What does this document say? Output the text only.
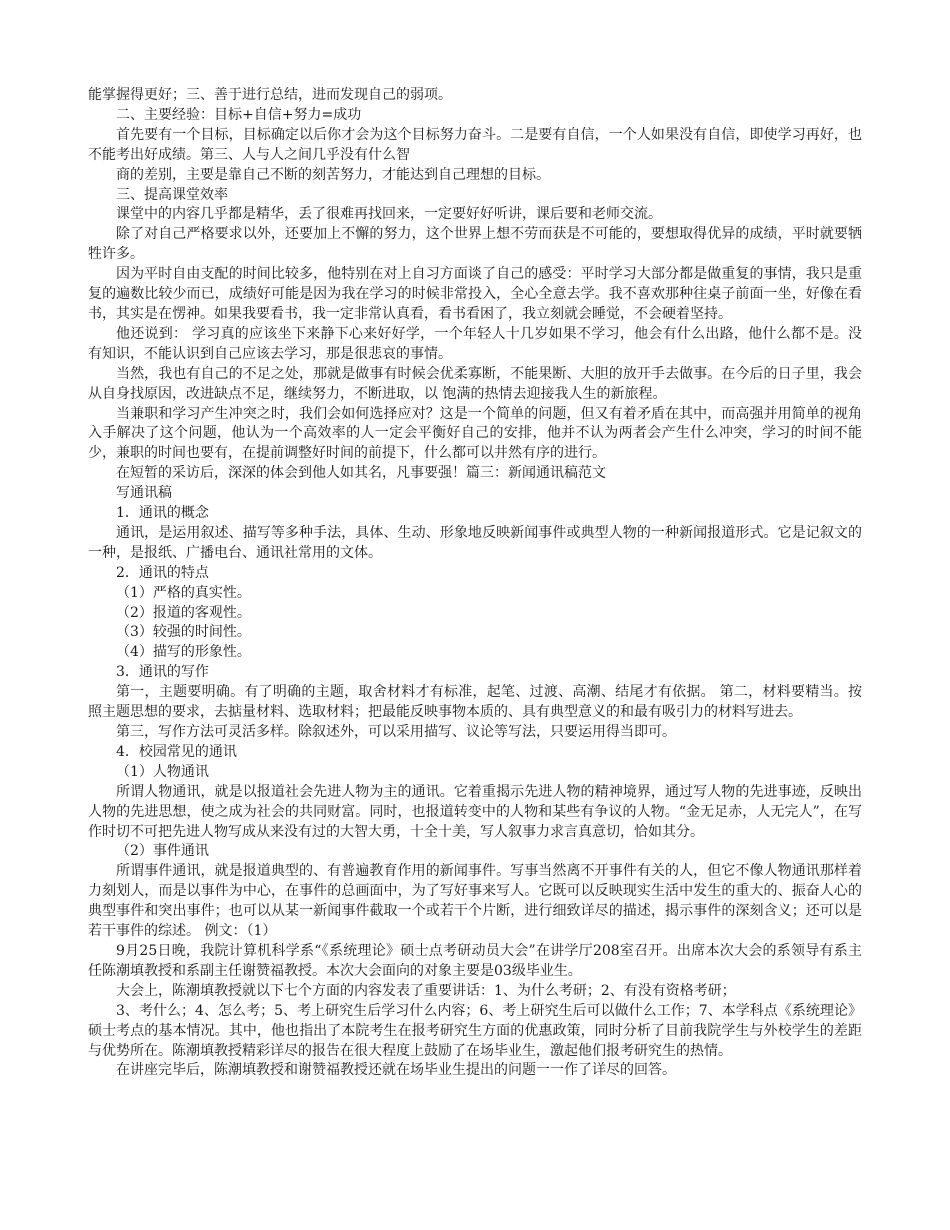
能掌握得更好；三、善于进行总结，进而发现自己的弱项。

二、主要经验：目标+自信+努力=成功

首先要有一个目标，目标确定以后你才会为这个目标努力奋斗。二是要有自信，一个人如果没有自信，即使学习再好，也不能考出好成绩。第三、人与人之间几乎没有什么智

商的差别，主要是靠自己不断的刻苦努力，才能达到自己理想的目标。

三、提高课堂效率

课堂中的内容几乎都是精华，丢了很难再找回来，一定要好好听讲，课后要和老师交流。

除了对自己严格要求以外，还要加上不懈的努力，这个世界上想不劳而获是不可能的，要想取得优异的成绩，平时就要牺牲许多。

因为平时自由支配的时间比较多，他特别在对上自习方面谈了自己的感受：平时学习大部分都是做重复的事情，我只是重复的遍数比较少而已，成绩好可能是因为我在学习的时候非常投入，全心全意去学。我不喜欢那种往桌子前面一坐，好像在看书，其实是在愣神。如果我要看书，我一定非常认真看，看书看困了，我立刻就会睡觉，不会硬着坚持。

他还说到： 学习真的应该坐下来静下心来好好学，一个年轻人十几岁如果不学习，他会有什么出路，他什么都不是。没有知识，不能认识到自己应该去学习，那是很悲哀的事情。

当然，我也有自己的不足之处，那就是做事有时候会优柔寡断，不能果断、大胆的放开手去做事。在今后的日子里，我会从自身找原因，改进缺点不足，继续努力，不断进取，以 饱满的热情去迎接我人生的新旅程。

当兼职和学习产生冲突之时，我们会如何选择应对？这是一个简单的问题，但又有着矛盾在其中，而高强并用简单的视角入手解决了这个问题，他认为一个高效率的人一定会平衡好自己的安排，他并不认为两者会产生什么冲突，学习的时间不能少，兼职的时间也要有，在提前调整好时间的前提下，什么都可以井然有序的进行。

在短暂的采访后，深深的体会到他人如其名，凡事要强！篇三：新闻通讯稿范文

写通讯稿

1．通讯的概念

通讯，是运用叙述、描写等多种手法，具体、生动、形象地反映新闻事件或典型人物的一种新闻报道形式。它是记叙文的一种，是报纸、广播电台、通讯社常用的文体。

2．通讯的特点

（1）严格的真实性。

（2）报道的客观性。

（3）较强的时间性。

（4）描写的形象性。

3．通讯的写作

第一，主题要明确。有了明确的主题，取舍材料才有标准，起笔、过渡、高潮、结尾才有依据。 第二，材料要精当。按照主题思想的要求，去掂量材料、选取材料；把最能反映事物本质的、具有典型意义的和最有吸引力的材料写进去。

第三，写作方法可灵活多样。除叙述外，可以采用描写、议论等写法，只要运用得当即可。

4．校园常见的通讯

（1）人物通讯

所谓人物通讯，就是以报道社会先进人物为主的通讯。它着重揭示先进人物的精神境界，通过写人物的先进事迹，反映出人物的先进思想，使之成为社会的共同财富。同时，也报道转变中的人物和某些有争议的人物。“金无足赤，人无完人”，在写作时切不可把先进人物写成从来没有过的大智大勇，十全十美，写人叙事力求言真意切，恰如其分。

（2）事件通讯

所谓事件通讯，就是报道典型的、有普遍教育作用的新闻事件。写事当然离不开事件有关的人，但它不像人物通讯那样着力刻划人，而是以事件为中心，在事件的总画面中，为了写好事来写人。它既可以反映现实生活中发生的重大的、振奋人心的典型事件和突出事件；也可以从某一新闻事件截取一个或若干个片断，进行细致详尽的描述，揭示事件的深刻含义；还可以是若干事件的综述。 例文：（1）

9月25日晚，我院计算机科学系“《系统理论》硕士点考研动员大会”在讲学厅208室召开。出席本次大会的系领导有系主任陈潮填教授和系副主任谢赞福教授。本次大会面向的对象主要是03级毕业生。

大会上，陈潮填教授就以下七个方面的内容发表了重要讲话：1、为什么考研；2、有没有资格考研；

3、考什么；4、怎么考；5、考上研究生后学习什么内容；6、考上研究生后可以做什么工作；7、本学科点《系统理论》硕士考点的基本情况。其中，他也指出了本院考生在报考研究生方面的优惠政策，同时分析了目前我院学生与外校学生的差距与优势所在。陈潮填教授精彩详尽的报告在很大程度上鼓励了在场毕业生，激起他们报考研究生的热情。

在讲座完毕后，陈潮填教授和谢赞福教授还就在场毕业生提出的问题一一作了详尽的回答。
